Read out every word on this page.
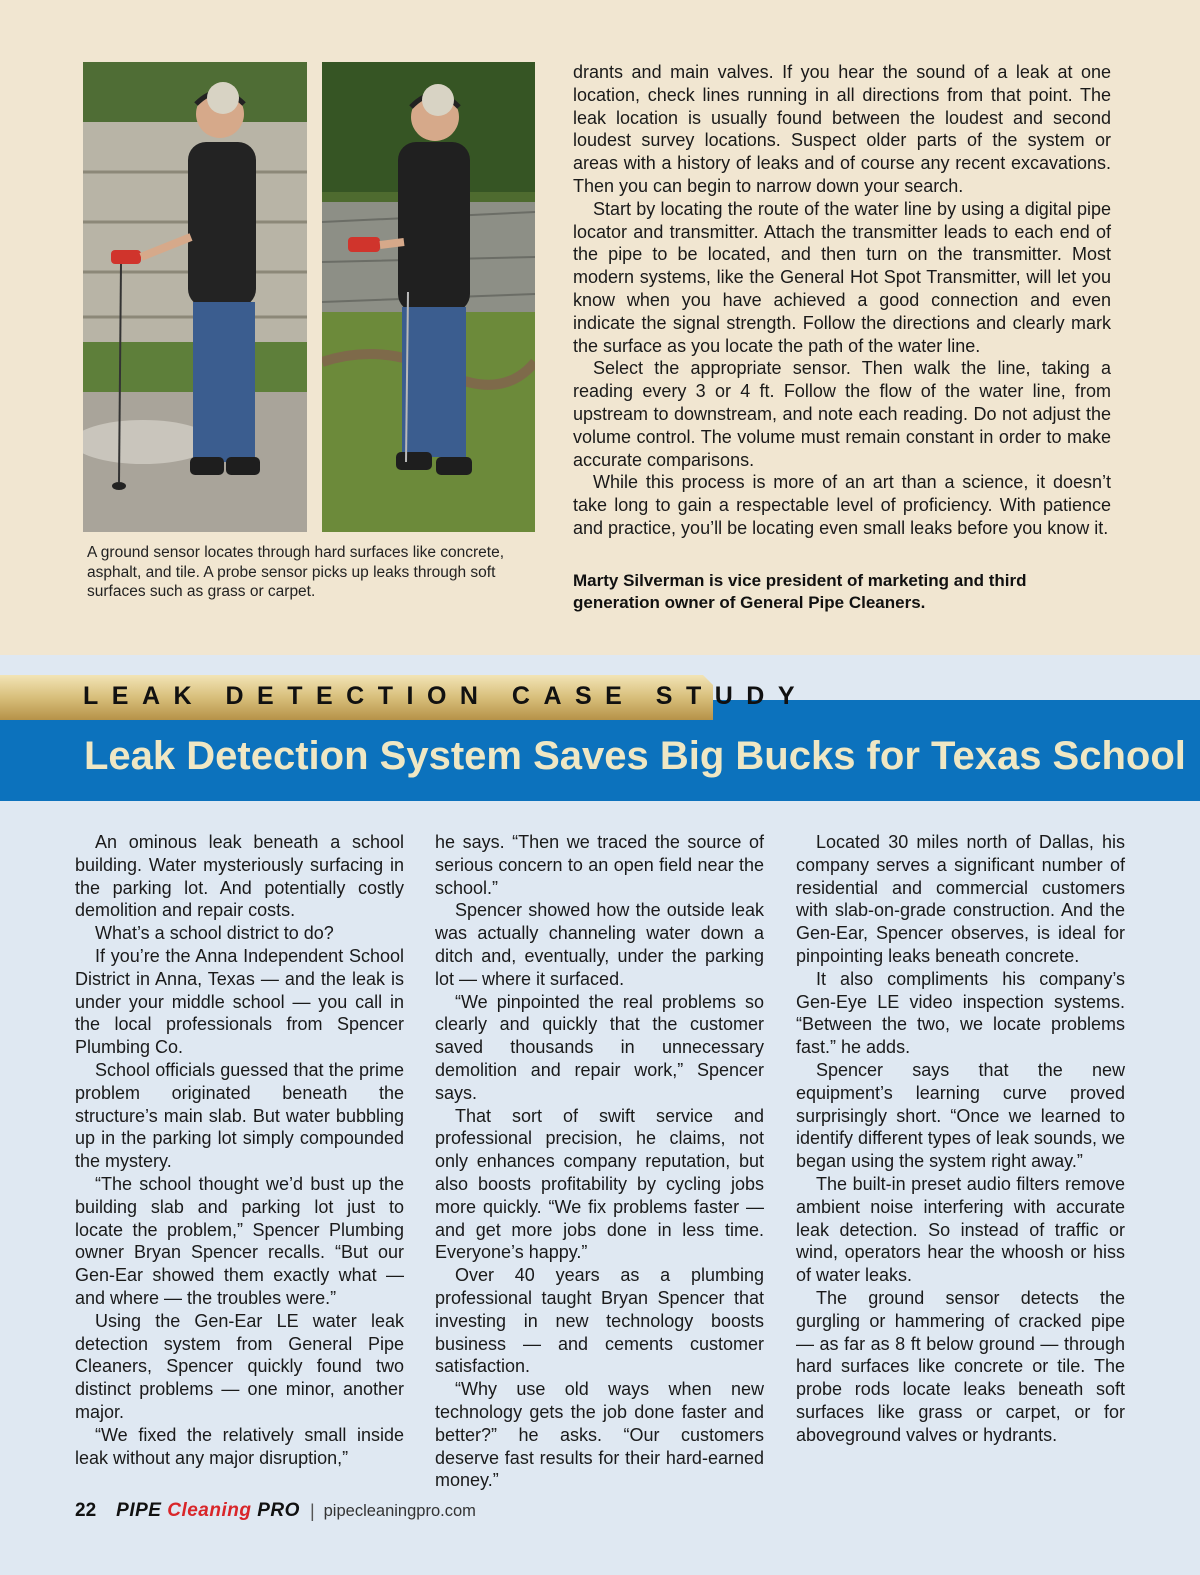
A ground sensor locates through hard surfaces like concrete, asphalt, and tile. A probe sensor picks up leaks through soft surfaces such as grass or carpet.

drants and main valves. If you hear the sound of a leak at one location, check lines running in all directions from that point. The leak location is usually found between the loudest and second loudest survey locations. Suspect older parts of the system or areas with a history of leaks and of course any recent excavations. Then you can begin to narrow down your search.

Start by locating the route of the water line by using a digital pipe locator and transmitter. Attach the transmitter leads to each end of the pipe to be located, and then turn on the transmitter. Most modern systems, like the General Hot Spot Transmitter, will let you know when you have achieved a good connection and even indicate the signal strength. Follow the directions and clearly mark the surface as you locate the path of the water line.

Select the appropriate sensor. Then walk the line, taking a reading every 3 or 4 ft. Follow the flow of the water line, from upstream to downstream, and note each reading. Do not adjust the volume control. The volume must remain constant in order to make accurate comparisons.

While this process is more of an art than a science, it doesn’t take long to gain a respectable level of proficiency. With patience and practice, you’ll be locating even small leaks before you know it.

Marty Silverman is vice president of marketing and third generation owner of General Pipe Cleaners.
LEAK DETECTION CASE STUDY
Leak Detection System Saves Big Bucks for Texas School

An ominous leak beneath a school building. Water mysteriously surfacing in the parking lot. And potentially costly demolition and repair costs.

What’s a school district to do?

If you’re the Anna Independent School District in Anna, Texas — and the leak is under your middle school — you call in the local professionals from Spencer Plumbing Co.

School officials guessed that the prime problem originated beneath the structure’s main slab. But water bubbling up in the parking lot simply compounded the mystery.

“The school thought we’d bust up the building slab and parking lot just to locate the problem,” Spencer Plumbing owner Bryan Spencer recalls. “But our Gen-Ear showed them exactly what — and where — the troubles were.”

Using the Gen-Ear LE water leak detection system from General Pipe Cleaners, Spencer quickly found two distinct problems — one minor, another major.

“We fixed the relatively small inside leak without any major disruption,”

he says. “Then we traced the source of serious concern to an open field near the school.”

Spencer showed how the outside leak was actually channeling water down a ditch and, eventually, under the parking lot — where it surfaced.

“We pinpointed the real problems so clearly and quickly that the customer saved thousands in unnecessary demolition and repair work,” Spencer says.

That sort of swift service and professional precision, he claims, not only enhances company reputation, but also boosts profitability by cycling jobs more quickly. “We fix problems faster — and get more jobs done in less time. Everyone’s happy.”

Over 40 years as a plumbing professional taught Bryan Spencer that investing in new technology boosts business — and cements customer satisfaction.

“Why use old ways when new technology gets the job done faster and better?” he asks. “Our customers deserve fast results for their hard-earned money.”

Located 30 miles north of Dallas, his company serves a significant number of residential and commercial customers with slab-on-grade construction. And the Gen-Ear, Spencer observes, is ideal for pinpointing leaks beneath concrete.

It also compliments his company’s Gen-Eye LE video inspection systems. “Between the two, we locate problems fast.” he adds.

Spencer says that the new equipment’s learning curve proved surprisingly short. “Once we learned to identify different types of leak sounds, we began using the system right away.”

The built-in preset audio filters remove ambient noise interfering with accurate leak detection. So instead of traffic or wind, operators hear the whoosh or hiss of water leaks.

The ground sensor detects the gurgling or hammering of cracked pipe — as far as 8 ft below ground — through hard surfaces like concrete or tile. The probe rods locate leaks beneath soft surfaces like grass or carpet, or for aboveground valves or hydrants.

22 PIPE Cleaning PRO | pipecleaningpro.com
